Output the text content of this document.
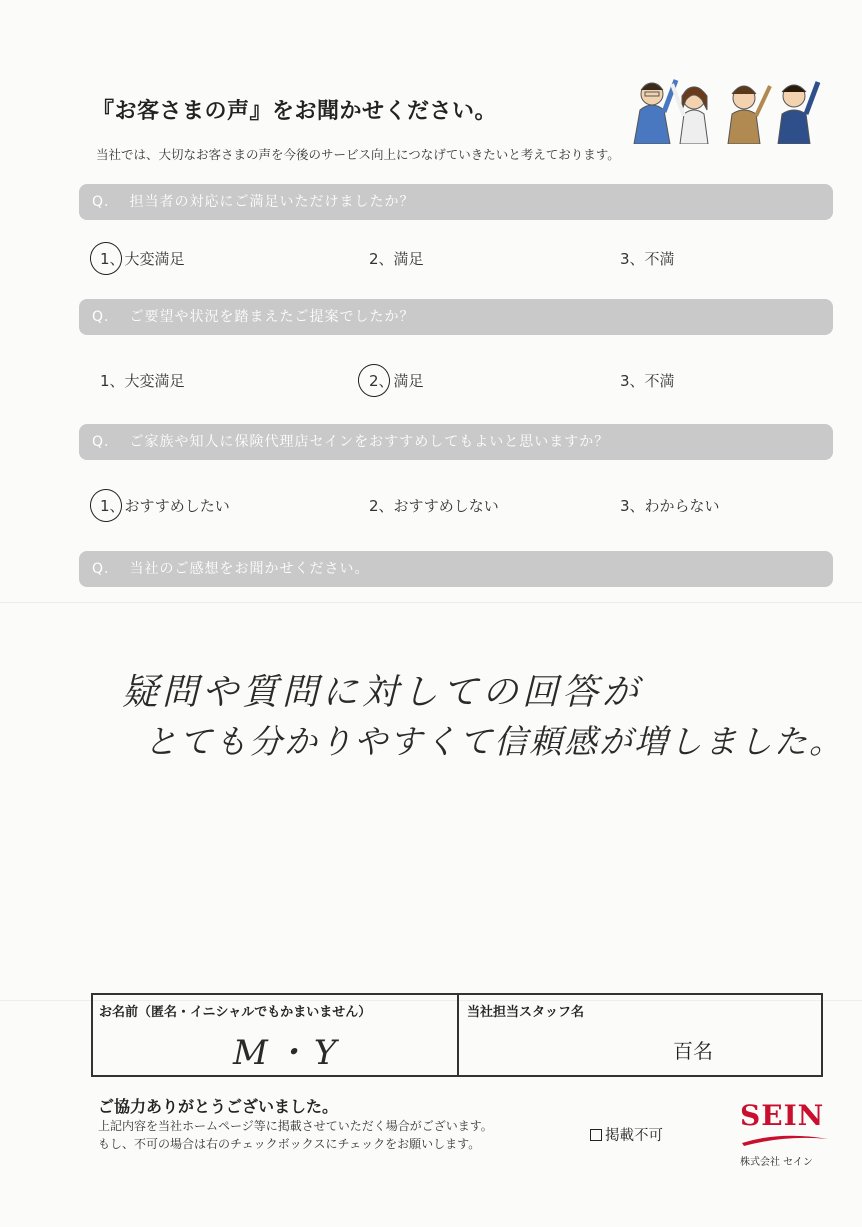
『お客さまの声』をお聞かせください。
当社では、大切なお客さまの声を今後のサービス向上につなげていきたいと考えております。
Q. 担当者の対応にご満足いただけましたか？
1、大変満足	2、満足	3、不満
Q. ご要望や状況を踏まえたご提案でしたか？
1、大変満足	2、満足	3、不満
Q. ご家族や知人に保険代理店セインをおすすめしてもよいと思いますか？
1、おすすめしたい	2、おすすめしない	3、わからない
Q. 当社のご感想をお聞かせください。
疑問や質問に対しての回答が
とても分かりやすくて信頼感が増しました。
お名前（匿名・イニシャルでもかまいません）
M・Y
当社担当スタッフ名
百名
ご協力ありがとうございました。
上記内容を当社ホームページ等に掲載させていただく場合がございます。
もし、不可の場合は右のチェックボックスにチェックをお願いします。	掲載不可
SEIN
株式会社 セイン
